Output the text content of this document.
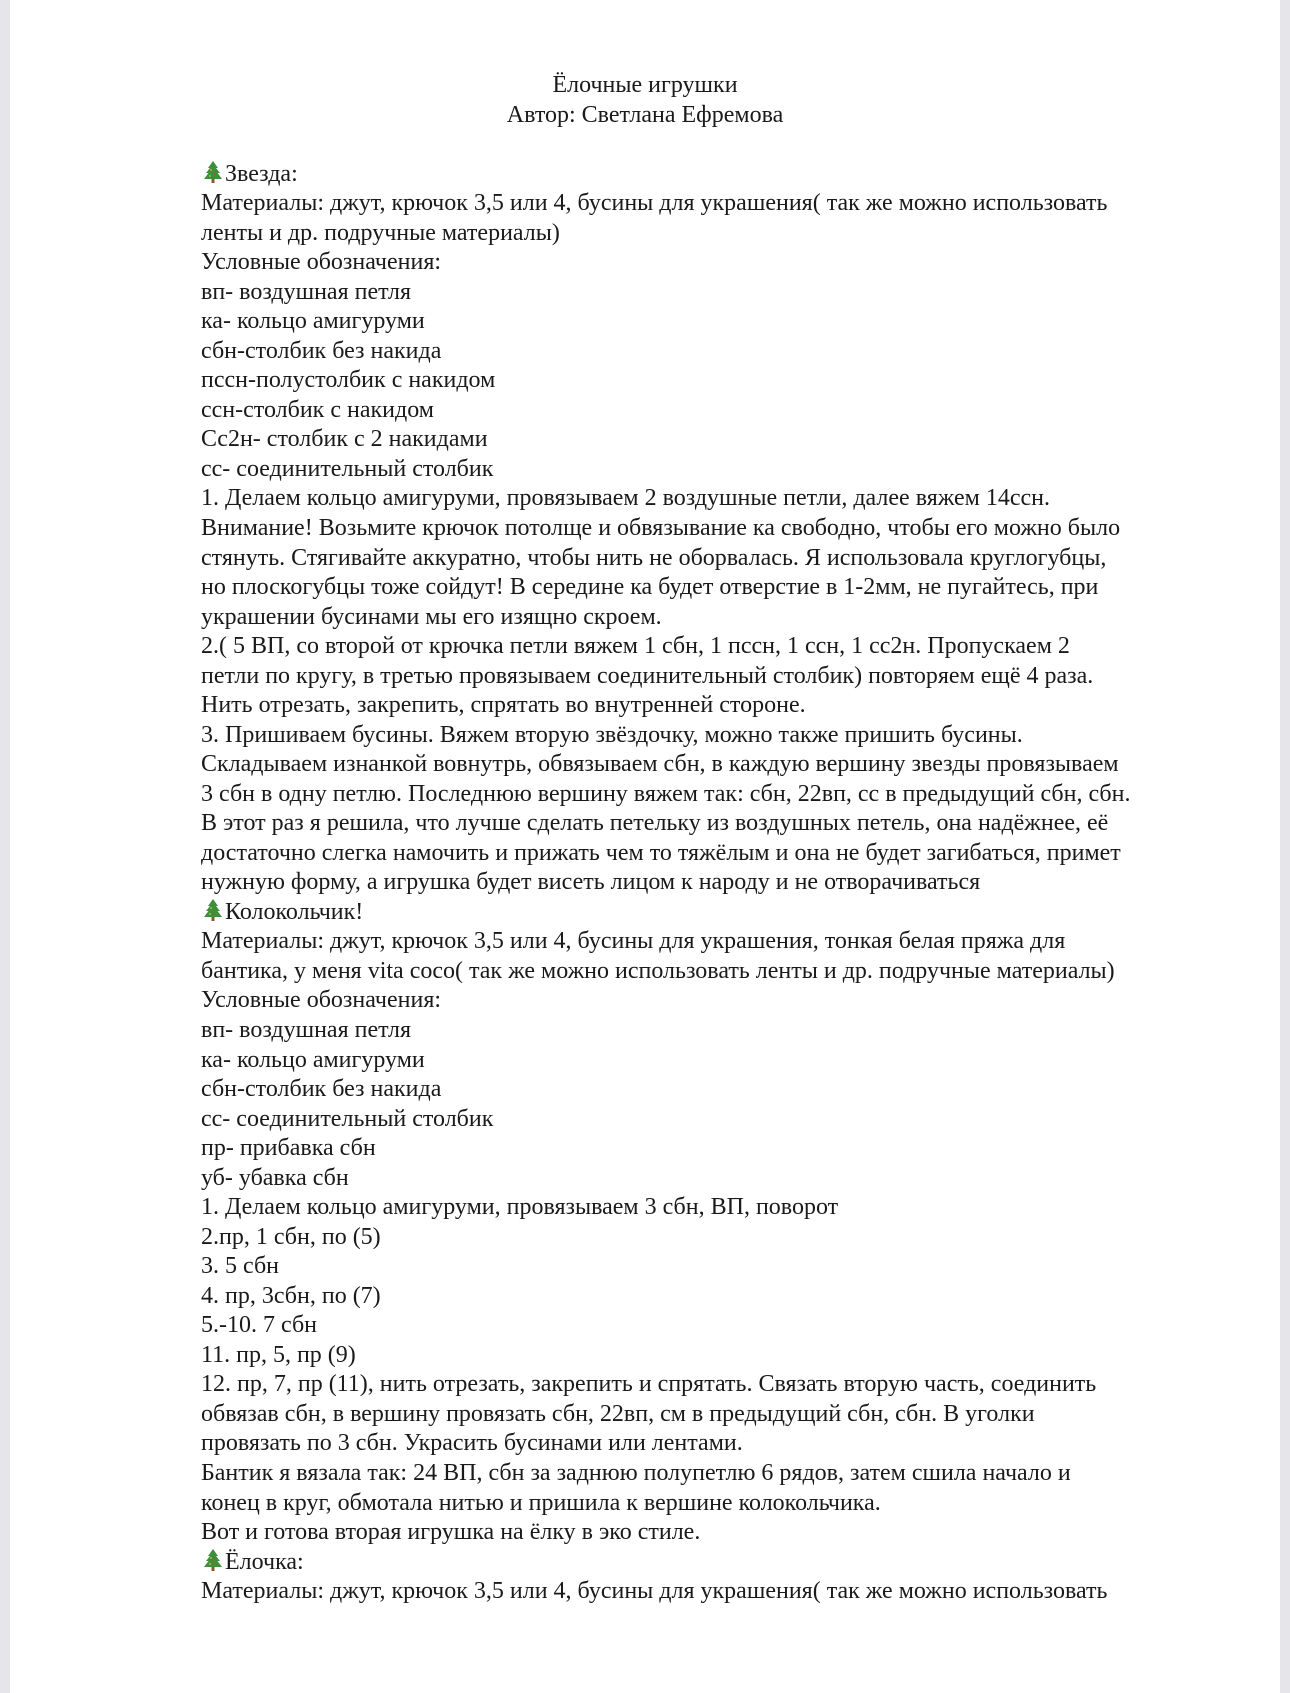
Ёлочные игрушки
Автор: Светлана Ефремова
Звезда:
Материалы: джут, крючок 3,5 или 4, бусины для украшения( так же можно использовать
ленты и др. подручные материалы)
Условные обозначения:
вп- воздушная петля
ка- кольцо амигуруми
сбн-столбик без накида
пссн-полустолбик с накидом
ссн-столбик с накидом
Сс2н- столбик с 2 накидами
сс- соединительный столбик
1. Делаем кольцо амигуруми, провязываем 2 воздушные петли, далее вяжем 14ссн.
Внимание! Возьмите крючок потолще и обвязывание ка свободно, чтобы его можно было
стянуть. Стягивайте аккуратно, чтобы нить не оборвалась. Я использовала круглогубцы,
но плоскогубцы тоже сойдут! В середине ка будет отверстие в 1-2мм, не пугайтесь, при
украшении бусинами мы его изящно скроем.
2.( 5 ВП, со второй от крючка петли вяжем 1 сбн, 1 пссн, 1 ссн, 1 сс2н. Пропускаем 2
петли по кругу, в третью провязываем соединительный столбик) повторяем ещё 4 раза.
Нить отрезать, закрепить, спрятать во внутренней стороне.
3. Пришиваем бусины. Вяжем вторую звёздочку, можно также пришить бусины.
Складываем изнанкой вовнутрь, обвязываем сбн, в каждую вершину звезды провязываем
3 сбн в одну петлю. Последнюю вершину вяжем так: сбн, 22вп, сс в предыдущий сбн, сбн.
В этот раз я решила, что лучше сделать петельку из воздушных петель, она надёжнее, её
достаточно слегка намочить и прижать чем то тяжёлым и она не будет загибаться, примет
нужную форму, а игрушка будет висеть лицом к народу и не отворачиваться
Колокольчик!
Материалы: джут, крючок 3,5 или 4, бусины для украшения, тонкая белая пряжа для
бантика, у меня vita coco( так же можно использовать ленты и др. подручные материалы)
Условные обозначения:
вп- воздушная петля
ка- кольцо амигуруми
сбн-столбик без накида
сс- соединительный столбик
пр- прибавка сбн
уб- убавка сбн
1. Делаем кольцо амигуруми, провязываем 3 сбн, ВП, поворот
2.пр, 1 сбн, по (5)
3. 5 сбн
4. пр, 3сбн, по (7)
5.-10. 7 сбн
11. пр, 5, пр (9)
12. пр, 7, пр (11), нить отрезать, закрепить и спрятать. Связать вторую часть, соединить
обвязав сбн, в вершину провязать сбн, 22вп, см в предыдущий сбн, сбн. В уголки
провязать по 3 сбн. Украсить бусинами или лентами.
Бантик я вязала так: 24 ВП, сбн за заднюю полупетлю 6 рядов, затем сшила начало и
конец в круг, обмотала нитью и пришила к вершине колокольчика.
Вот и готова вторая игрушка на ёлку в эко стиле.
Ёлочка:
Материалы: джут, крючок 3,5 или 4, бусины для украшения( так же можно использовать
